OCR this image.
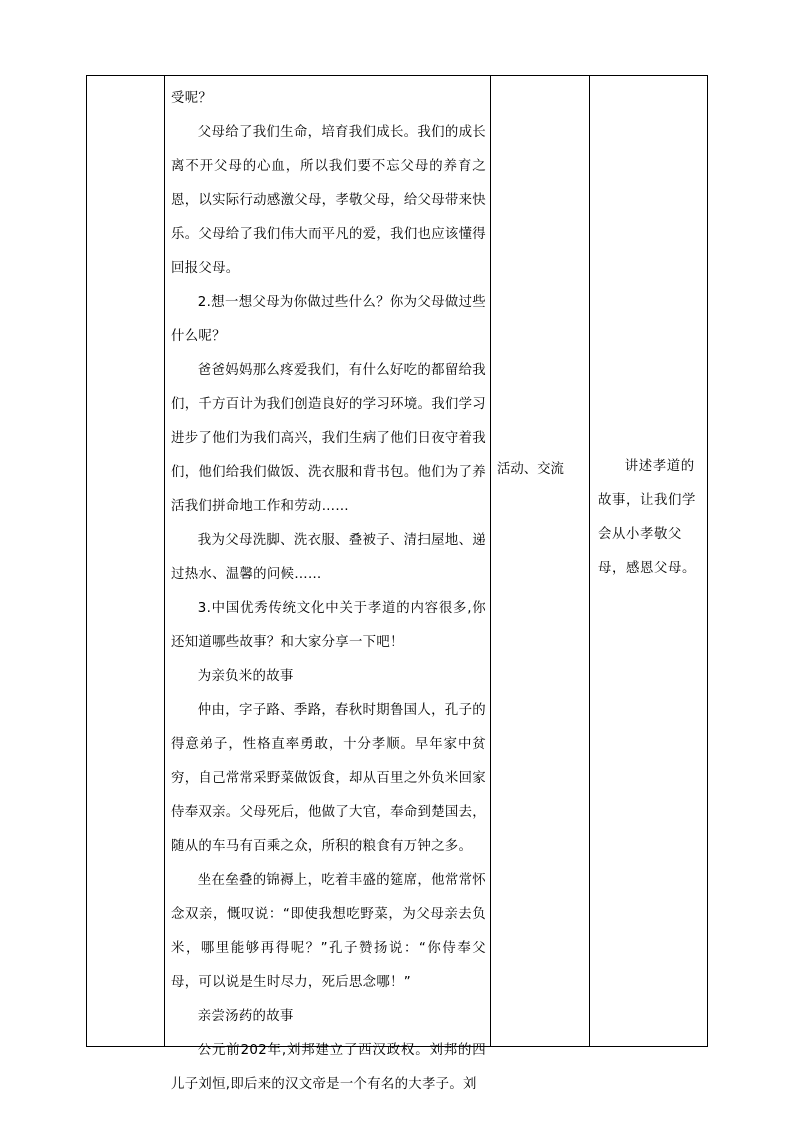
受呢？

父母给了我们生命，培育我们成长。我们的成长离不开父母的心血，所以我们要不忘父母的养育之恩，以实际行动感激父母，孝敬父母，给父母带来快乐。父母给了我们伟大而平凡的爱，我们也应该懂得回报父母。

2.想一想父母为你做过些什么？你为父母做过些什么呢？

爸爸妈妈那么疼爱我们，有什么好吃的都留给我们，千方百计为我们创造良好的学习环境。我们学习进步了他们为我们高兴，我们生病了他们日夜守着我们，他们给我们做饭、洗衣服和背书包。他们为了养活我们拼命地工作和劳动……

我为父母洗脚、洗衣服、叠被子、清扫屋地、递过热水、温馨的问候……

3.中国优秀传统文化中关于孝道的内容很多,你还知道哪些故事？和大家分享一下吧！

为亲负米的故事

仲由，字子路、季路，春秋时期鲁国人，孔子的得意弟子，性格直率勇敢，十分孝顺。早年家中贫穷，自己常常采野菜做饭食，却从百里之外负米回家侍奉双亲。父母死后，他做了大官，奉命到楚国去，随从的车马有百乘之众，所积的粮食有万钟之多。

坐在垒叠的锦褥上，吃着丰盛的筵席，他常常怀念双亲，慨叹说：“即使我想吃野菜，为父母亲去负米，哪里能够再得呢？”孔子赞扬说：“你侍奉父母，可以说是生时尽力，死后思念哪！”

亲尝汤药的故事

公元前202年,刘邦建立了西汉政权。刘邦的四儿子刘恒,即后来的汉文帝是一个有名的大孝子。刘

活动、交流	讲述孝道的故事，让我们学会从小孝敬父母，感恩父母。
